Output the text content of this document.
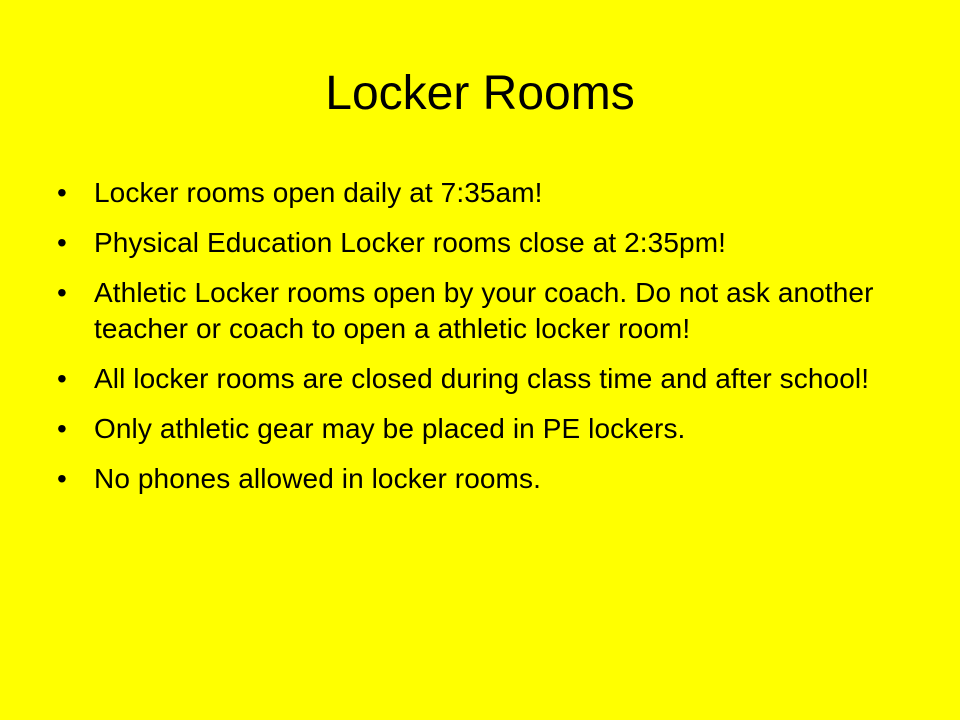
Locker Rooms
• Locker rooms open daily at 7:35am!
• Physical Education Locker rooms close at 2:35pm!
• Athletic Locker rooms open by your coach. Do not ask another teacher or coach to open a athletic locker room!
• All locker rooms are closed during class time and after school!
• Only athletic gear may be placed in PE lockers.
• No phones allowed in locker rooms.
